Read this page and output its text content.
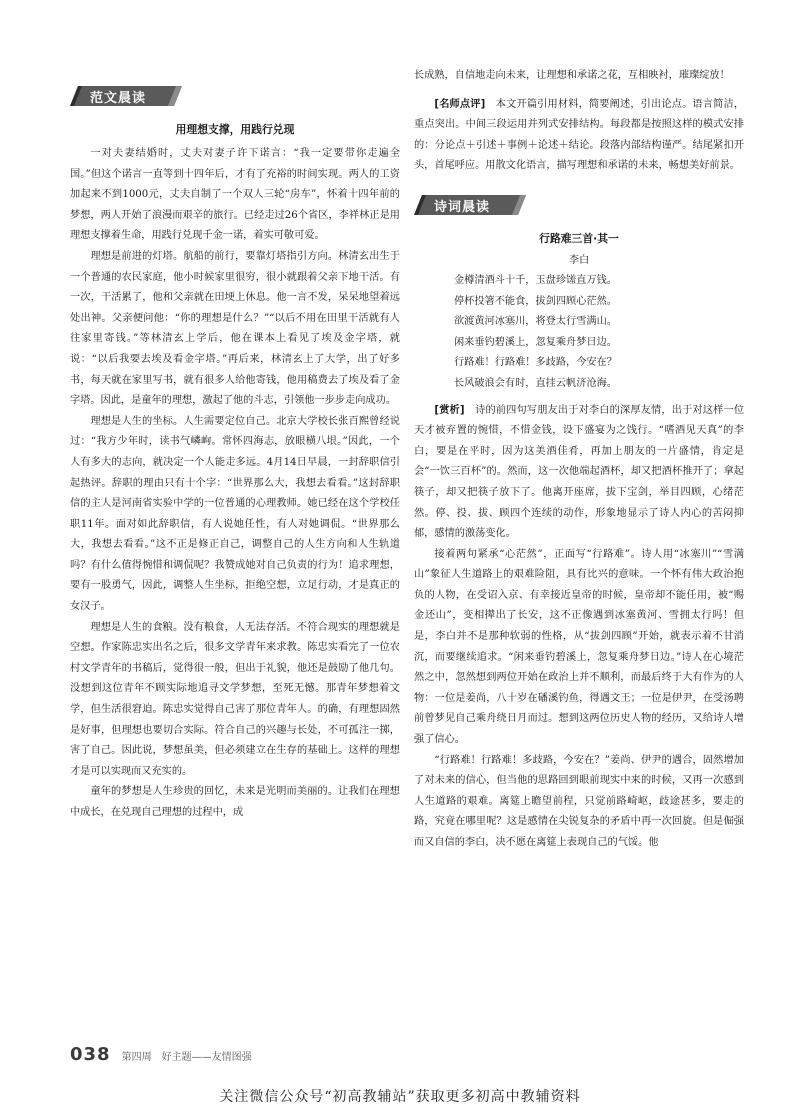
范文晨读
用理想支撑，用践行兑现

一对夫妻结婚时，丈夫对妻子许下诺言：“我一定要带你走遍全国。”但这个诺言一直等到十四年后，才有了充裕的时间实现。两人的工资加起来不到1000元，丈夫自制了一个双人三轮“房车”，怀着十四年前的梦想，两人开始了浪漫而艰辛的旅行。已经走过26个省区，李祥林正是用理想支撑着生命，用践行兑现千金一诺，着实可敬可爱。

理想是前进的灯塔。航船的前行，要靠灯塔指引方向。林清玄出生于一个普通的农民家庭，他小时候家里很穷，很小就跟着父亲下地干活。有一次，干活累了，他和父亲就在田埂上休息。他一言不发，呆呆地望着远处出神。父亲便问他：“你的理想是什么？”“以后不用在田里干活就有人往家里寄钱。”等林清玄上学后，他在课本上看见了埃及金字塔，就说：“以后我要去埃及看金字塔。”再后来，林清玄上了大学，出了好多书，每天就在家里写书，就有很多人给他寄钱，他用稿费去了埃及看了金字塔。因此，是童年的理想，激起了他的斗志，引领他一步步走向成功。

理想是人生的坐标。人生需要定位自己。北京大学校长张百熙曾经说过：“我方少年时，读书气嶙峋。常怀四海志，放眼横八垠。”因此，一个人有多大的志向，就决定一个人能走多远。4月14日早晨，一封辞职信引起热评。辞职的理由只有十个字：“世界那么大，我想去看看。”这封辞职信的主人是河南省实验中学的一位普通的心理教师。她已经在这个学校任职11年。面对如此辞职信，有人说她任性，有人对她调侃。“世界那么大，我想去看看。”这不正是修正自己，调整自己的人生方向和人生轨道吗？有什么值得惋惜和调侃呢？我赞成她对自己负责的行为！追求理想，要有一股勇气，因此，调整人生坐标，拒绝空想，立足行动，才是真正的女汉子。

理想是人生的食粮。没有粮食，人无法存活。不符合现实的理想就是空想。作家陈忠实出名之后，很多文学青年来求教。陈忠实看完了一位农村文学青年的书稿后，觉得很一般，但出于礼貌，他还是鼓励了他几句。没想到这位青年不顾实际地追寻文学梦想，至死无憾。那青年梦想着文学，但生活很窘迫。陈忠实觉得自己害了那位青年人。的确，有理想固然是好事，但理想也要切合实际。符合自己的兴趣与长处，不可孤注一掷，害了自己。因此说，梦想虽美，但必须建立在生存的基础上。这样的理想才是可以实现而又充实的。

童年的梦想是人生珍贵的回忆，未来是光明而美丽的。让我们在理想中成长，在兑现自己理想的过程中，成

长成熟，自信地走向未来，让理想和承诺之花，互相映衬，璀璨绽放！

[名师点评]　 本文开篇引用材料，简要阐述，引出论点。语言简洁，重点突出。中间三段运用并列式安排结构。每段都是按照这样的模式安排的：分论点＋引述＋事例＋论述＋结论。段落内部结构谨严。结尾紧扣开头，首尾呼应。用散文化语言，描写理想和承诺的未来，畅想美好前景。

诗词晨读
行路难三首·其一

李白

金樽清酒斗十千，玉盘珍馐直万钱。

停杯投箸不能食，拔剑四顾心茫然。

欲渡黄河冰塞川，将登太行雪满山。

闲来垂钓碧溪上，忽复乘舟梦日边。

行路难！行路难！多歧路，今安在？

长风破浪会有时，直挂云帆济沧海。

[赏析]　 诗的前四句写朋友出于对李白的深厚友情，出于对这样一位天才被弃置的惋惜，不惜金钱，设下盛宴为之饯行。“嗜酒见天真”的李白，要是在平时，因为这美酒佳肴，再加上朋友的一片盛情，肯定是会“一饮三百杯”的。然而，这一次他端起酒杯，却又把酒杯推开了；拿起筷子，却又把筷子放下了。他离开座席，拔下宝剑，举目四顾，心绪茫然。停、投、拔、顾四个连续的动作，形象地显示了诗人内心的苦闷抑郁，感情的激荡变化。

接着两句紧承“心茫然”，正面写“行路难”。诗人用“冰塞川”“雪满山”象征人生道路上的艰难险阻，具有比兴的意味。一个怀有伟大政治抱负的人物，在受诏入京、有幸接近皇帝的时候，皇帝却不能任用，被“赐金还山”，变相撵出了长安，这不正像遇到冰塞黄河、雪拥太行吗！但是，李白并不是那种软弱的性格，从“拔剑四顾”开始，就表示着不甘消沉，而要继续追求。“闲来垂钓碧溪上，忽复乘舟梦日边。”诗人在心境茫然之中，忽然想到两位开始在政治上并不顺利，而最后终于大有作为的人物：一位是姜尚，八十岁在磻溪钓鱼，得遇文王；一位是伊尹，在受汤聘前曾梦见自己乘舟绕日月而过。想到这两位历史人物的经历，又给诗人增强了信心。

“行路难！行路难！多歧路，今安在？”姜尚、伊尹的遇合，固然增加了对未来的信心，但当他的思路回到眼前现实中来的时候，又再一次感到人生道路的艰难。离筵上瞻望前程，只觉前路崎岖，歧途甚多，要走的路，究竟在哪里呢？这是感情在尖锐复杂的矛盾中再一次回旋。但是倔强而又自信的李白，决不愿在离筵上表现自己的气馁。他

038 第四周　好主题——友情图强
关注微信公众号“初高教辅站”获取更多初高中教辅资料
